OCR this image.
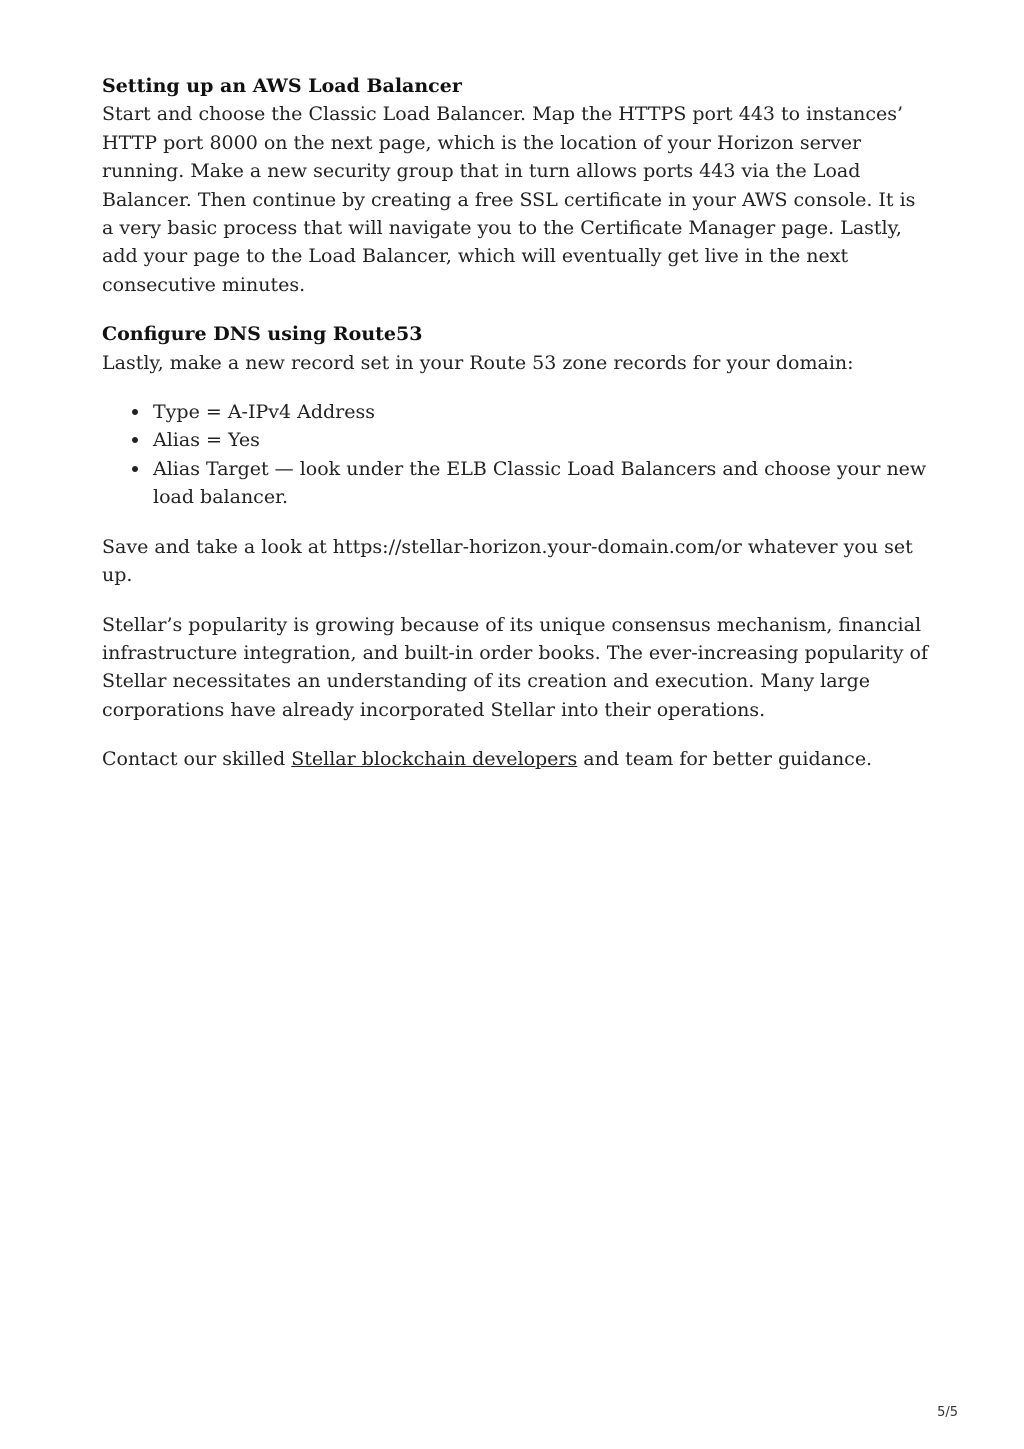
Setting up an AWS Load Balancer

Start and choose the Classic Load Balancer. Map the HTTPS port 443 to instances’ HTTP port 8000 on the next page, which is the location of your Horizon server running. Make a new security group that in turn allows ports 443 via the Load Balancer. Then continue by creating a free SSL certificate in your AWS console. It is a very basic process that will navigate you to the Certificate Manager page. Lastly, add your page to the Load Balancer, which will eventually get live in the next consecutive minutes.

Configure DNS using Route53

Lastly, make a new record set in your Route 53 zone records for your domain:

Type = A-IPv4 Address
Alias = Yes
Alias Target — look under the ELB Classic Load Balancers and choose your new load balancer.

Save and take a look at https://stellar-horizon.your-domain.com/or whatever you set up.

Stellar’s popularity is growing because of its unique consensus mechanism, financial infrastructure integration, and built-in order books. The ever-increasing popularity of Stellar necessitates an understanding of its creation and execution. Many large corporations have already incorporated Stellar into their operations.

Contact our skilled Stellar blockchain developers and team for better guidance.

5/5
